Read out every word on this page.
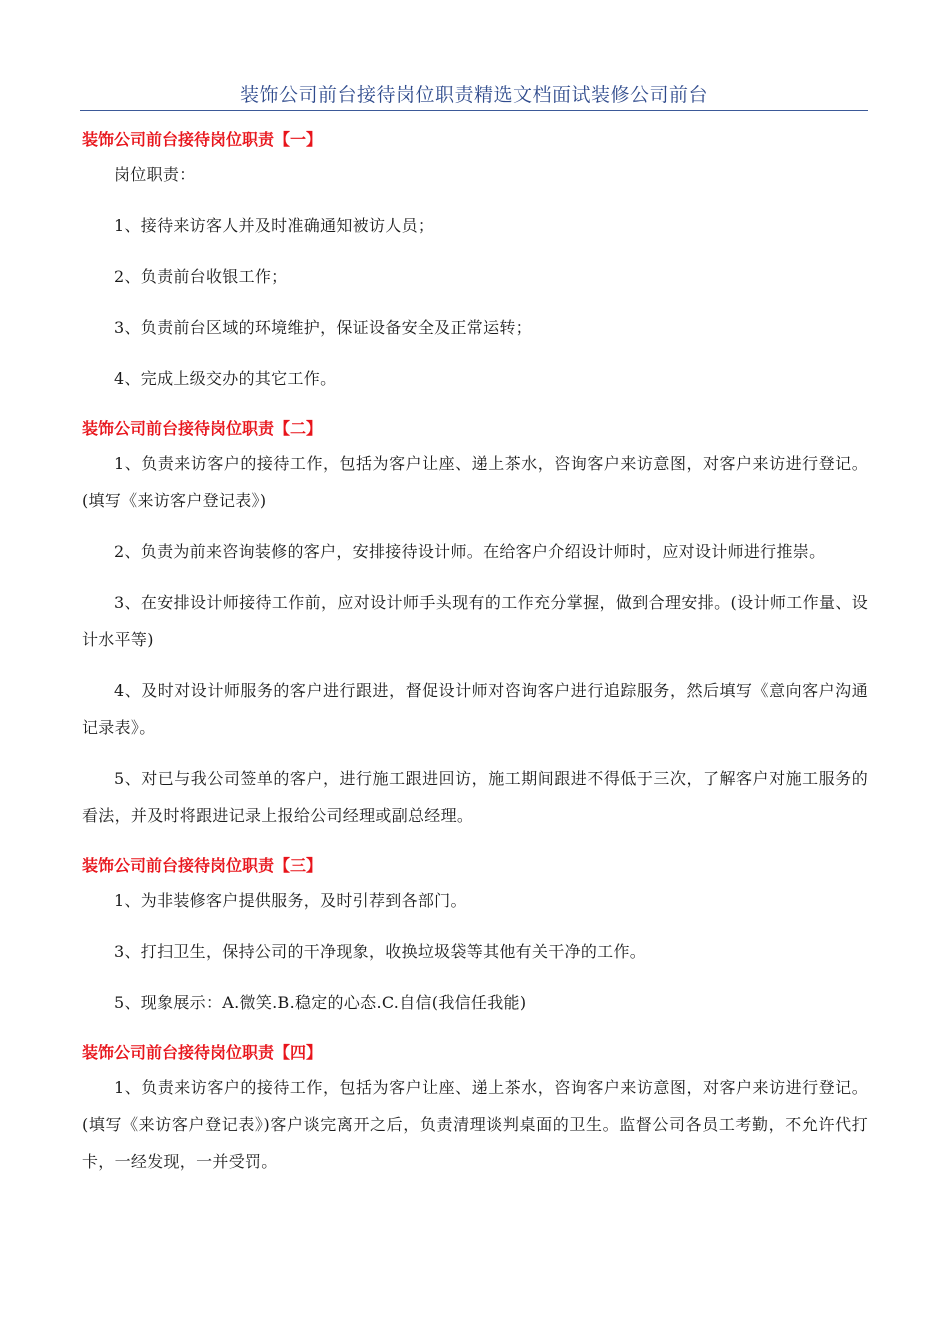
装饰公司前台接待岗位职责精选文档面试装修公司前台

装饰公司前台接待岗位职责【一】

岗位职责：

1、接待来访客人并及时准确通知被访人员；

2、负责前台收银工作；

3、负责前台区域的环境维护，保证设备安全及正常运转；

4、完成上级交办的其它工作。

装饰公司前台接待岗位职责【二】

1、负责来访客户的接待工作，包括为客户让座、递上茶水，咨询客户来访意图，对客户来访进行登记。(填写《来访客户登记表》)

2、负责为前来咨询装修的客户，安排接待设计师。在给客户介绍设计师时，应对设计师进行推崇。

3、在安排设计师接待工作前，应对设计师手头现有的工作充分掌握，做到合理安排。(设计师工作量、设计水平等)

4、及时对设计师服务的客户进行跟进，督促设计师对咨询客户进行追踪服务，然后填写《意向客户沟通记录表》。

5、对已与我公司签单的客户，进行施工跟进回访，施工期间跟进不得低于三次，了解客户对施工服务的看法，并及时将跟进记录上报给公司经理或副总经理。

装饰公司前台接待岗位职责【三】

1、为非装修客户提供服务，及时引荐到各部门。

3、打扫卫生，保持公司的干净现象，收换垃圾袋等其他有关干净的工作。

5、现象展示：A.微笑.B.稳定的心态.C.自信(我信任我能)

装饰公司前台接待岗位职责【四】

1、负责来访客户的接待工作，包括为客户让座、递上茶水，咨询客户来访意图，对客户来访进行登记。(填写《来访客户登记表》)客户谈完离开之后，负责清理谈判桌面的卫生。监督公司各员工考勤，不允许代打卡，一经发现，一并受罚。
